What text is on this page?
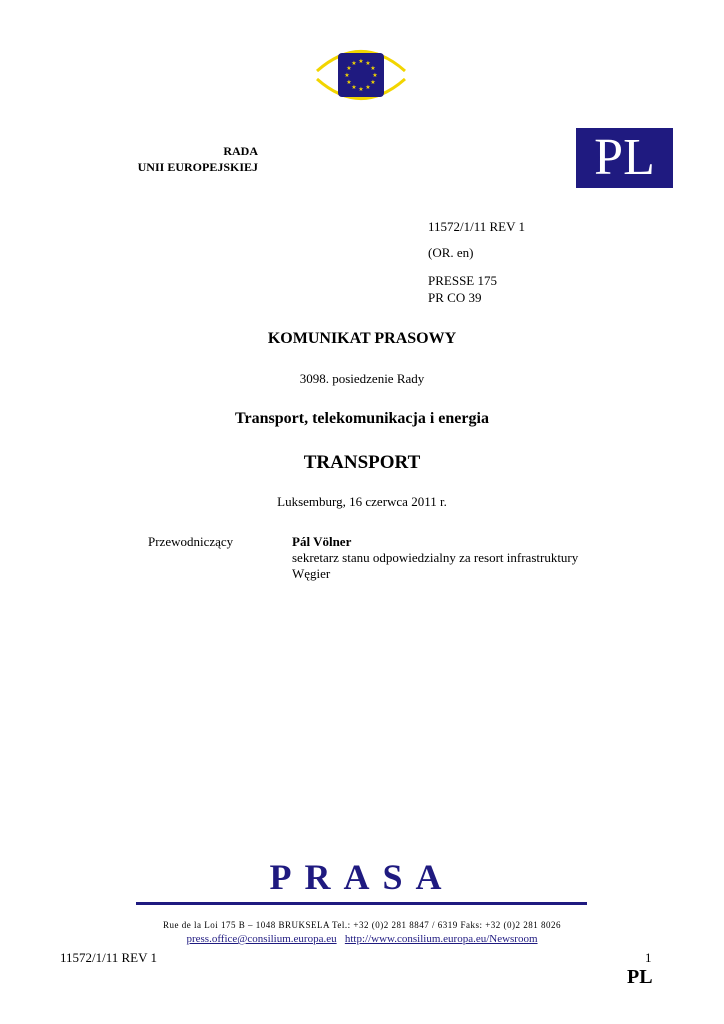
★ ★
★
★
★
★
★
★
★
★
★
★
RADA
UNII EUROPEJSKIEJ	PL
11572/1/11 REV 1
(OR. en)
PRESSE 175
PR CO 39
KOMUNIKAT PRASOWY
3098. posiedzenie Rady
Transport, telekomunikacja i energia
TRANSPORT
Luksemburg, 16 czerwca 2011 r.
Przewodniczący	Pál Völner
sekretarz stanu odpowiedzialny za resort infrastruktury
Węgier
PRASA
Rue de la Loi 175 B – 1048 BRUKSELA Tel.: +32 (0)2 281 8847 / 6319 Faks: +32 (0)2 281 8026
press.office@consilium.europa.eu http://www.consilium.europa.eu/Newsroom
11572/1/11 REV 1	1
PL
